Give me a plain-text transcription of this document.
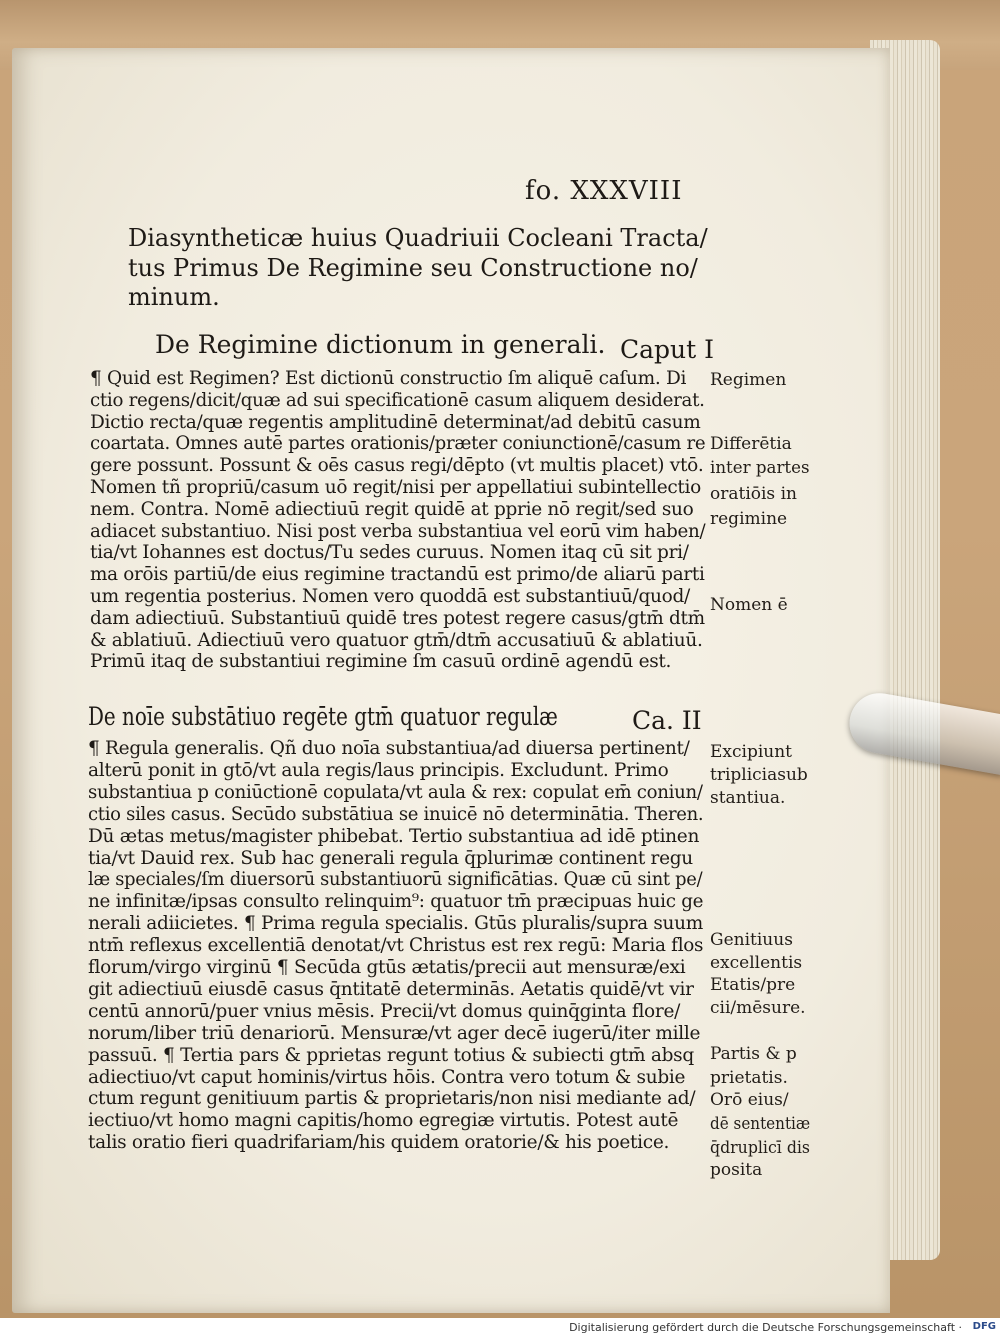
fo. XXXVIII
Diasyntheticæ huius Quadriuii Cocleani Tracta/
tus Primus De Regimine seu Constructione no/
minum.
De Regimine dictionum in generali. Caput I
¶ Quid est Regimen? Est dictionū constructio ſm aliquē caſum. Di
ctio regens/dicit/quæ ad sui specificationē casum aliquem desiderat.
Dictio recta/quæ regentis amplitudinē determinat/ad debitū casum
coartata. Omnes autē partes orationis/præter coniunctionē/casum re
gere possunt. Possunt & oēs casus regi/dēpto (vt multis placet) vtō.
Nomen tñ propriū/casum uō regit/nisi per appellatiui subintellectio
nem. Contra. Nomē adiectiuū regit quidē at pprie nō regit/sed suo
adiacet substantiuo. Nisi post verba substantiua vel eorū vim haben/
tia/vt Iohannes est doctus/Tu sedes curuus. Nomen itaq cū sit pri/
ma orōis partiū/de eius regimine tractandū est primo/de aliarū parti
um regentia posterius. Nomen vero quoddā est substantiuū/quod/
dam adiectiuū. Substantiuū quidē tres potest regere casus/gtm̄ dtm̄
& ablatiuū. Adiectiuū vero quatuor gtm̄/dtm̄ accusatiuū & ablatiuū.
Primū itaq de substantiui regimine ſm casuū ordinē agendū est.
De noīe substātiuo regēte gtm̄ quatuor regulæ	Ca. II
¶ Regula generalis. Qñ duo noīa substantiua/ad diuersa pertinent/
alterū ponit in gtō/vt aula regis/laus principis. Excludunt. Primo
substantiua p coniūctionē copulata/vt aula & rex: copulat em̄ coniun/
ctio siles casus. Secūdo substātiua se inuicē nō determinātia. Theren.
Dū ætas metus/magister phibebat. Tertio substantiua ad idē ptinen
tia/vt Dauid rex. Sub hac generali regula q̄plurimæ continent regu
læ speciales/ſm diuersorū substantiuorū significātias. Quæ cū sint pe/
ne infinitæ/ipsas consulto relinquim⁹: quatuor tm̄ præcipuas huic ge
nerali adiicietes. ¶ Prima regula specialis. Gtūs pluralis/supra suum
ntm̄ reflexus excellentiā denotat/vt Christus est rex regū: Maria flos
florum/virgo virginū ¶ Secūda gtūs ætatis/precii aut mensuræ/exi
git adiectiuū eiusdē casus q̄ntitatē determinās. Aetatis quidē/vt vir
centū annorū/puer vnius mēsis. Precii/vt domus quinq̄ginta flore/
norum/liber triū denariorū. Mensuræ/vt ager decē iugerū/iter mille
passuū. ¶ Tertia pars & pprietas regunt totius & subiecti gtm̄ absq
adiectiuo/vt caput hominis/virtus hōis. Contra vero totum & subie
ctum regunt genitiuum partis & proprietaris/non nisi mediante ad/
iectiuo/vt homo magni capitis/homo egregiæ virtutis. Potest autē
talis oratio fieri quadrifariam/his quidem oratorie/& his poetice.
Regimen
Differētia
inter partes
oratiōis in
regimine
Nomen ē
Excipiunt
tripliciasub
stantiua.
Genitiuus
excellentis
Etatis/pre
cii/mēsure.
Partis & p
prietatis.
Orō eius/
dē sententiæ
q̄druplicī dis
posita
Digitalisierung gefördert durch die Deutsche Forschungsgemeinschaft · DFG
